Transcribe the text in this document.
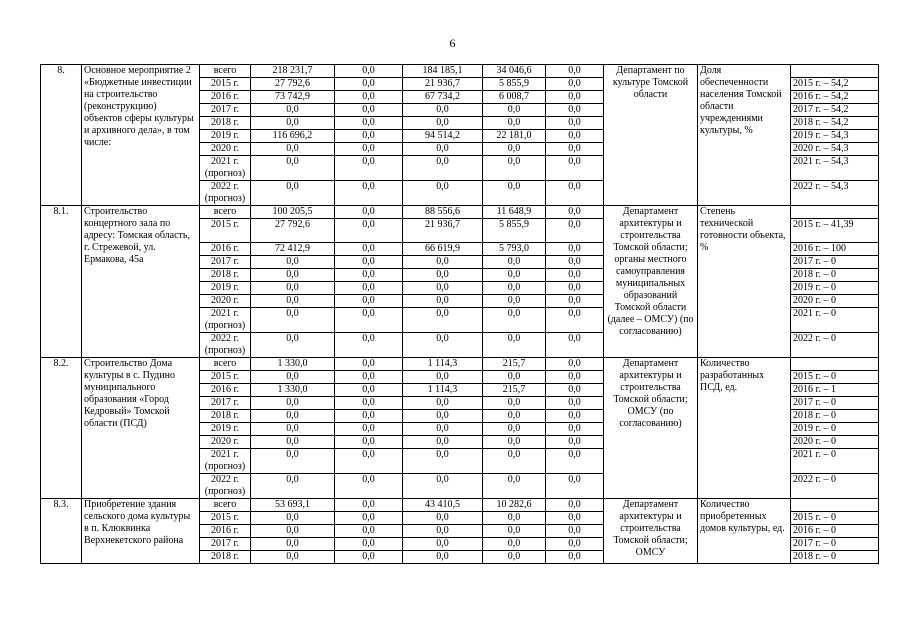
6
8.	Основное мероприятие 2 «Бюджетные инвестиции на строительство (реконструкцию) объектов сферы культуры и архивного дела», в том числе:	всего	218 231,7	0,0	184 185,1	34 046,6	0,0	Департамент по культуре Томской области	Доля обеспеченности населения Томской области учреждениями культуры, %	
		2015 г.	27 792,6	0,0	21 936,7	5 855,9	0,0			2015 г. – 54,2
		2016 г.	73 742,9	0,0	67 734,2	6 008,7	0,0			2016 г. – 54,2
		2017 г.	0,0	0,0	0,0	0,0	0,0			2017 г. – 54,2
		2018 г.	0,0	0,0	0,0	0,0	0,0			2018 г. – 54,2
		2019 г.	116 696,2	0,0	94 514,2	22 181,0	0,0			2019 г. – 54,3
		2020 г.	0,0	0,0	0,0	0,0	0,0			2020 г. – 54,3
		2021 г. (прогноз)	0,0	0,0	0,0	0,0	0,0			2021 г. – 54,3
		2022 г. (прогноз)	0,0	0,0	0,0	0,0	0,0			2022 г. – 54,3
8.1.	Строительство концертного зала по адресу: Томская область, г. Стрежевой, ул. Ермакова, 45а	всего	100 205,5	0,0	88 556,6	11 648,9	0,0	Департамент архитектуры и строительства Томской области; органы местного самоуправления муниципальных образований Томской области (далее – ОМСУ) (по согласованию)	Степень технической готовности объекта, %	
		2015 г.	27 792,6	0,0	21 936,7	5 855,9	0,0			2015 г. – 41,39
		2016 г.	72 412,9	0,0	66 619,9	5 793,0	0,0			2016 г. – 100
		2017 г.	0,0	0,0	0,0	0,0	0,0			2017 г. – 0
		2018 г.	0,0	0,0	0,0	0,0	0,0			2018 г. – 0
		2019 г.	0,0	0,0	0,0	0,0	0,0			2019 г. – 0
		2020 г.	0,0	0,0	0,0	0,0	0,0			2020 г. – 0
		2021 г. (прогноз)	0,0	0,0	0,0	0,0	0,0			2021 г. – 0
		2022 г. (прогноз)	0,0	0,0	0,0	0,0	0,0			2022 г. – 0
8.2.	Строительство Дома культуры в с. Пудино муниципального образования «Город Кедровый» Томской области (ПСД)	всего	1 330,0	0,0	1 114,3	215,7	0,0	Департамент архитектуры и строительства Томской области; ОМСУ (по согласованию)	Количество разработанных ПСД, ед.	
		2015 г.	0,0	0,0	0,0	0,0	0,0			2015 г. – 0
		2016 г.	1 330,0	0,0	1 114,3	215,7	0,0			2016 г. – 1
		2017 г.	0,0	0,0	0,0	0,0	0,0			2017 г. – 0
		2018 г.	0,0	0,0	0,0	0,0	0,0			2018 г. – 0
		2019 г.	0,0	0,0	0,0	0,0	0,0			2019 г. – 0
		2020 г.	0,0	0,0	0,0	0,0	0,0			2020 г. – 0
		2021 г. (прогноз)	0,0	0,0	0,0	0,0	0,0			2021 г. – 0
		2022 г. (прогноз)	0,0	0,0	0,0	0,0	0,0			2022 г. – 0
8.3.	Приобретение здания сельского дома культуры в п. Клюквинка Верхнекетского района	всего	53 693,1	0,0	43 410,5	10 282,6	0,0	Департамент архитектуры и строительства Томской области; ОМСУ	Количество приобретенных домов культуры, ед.	
		2015 г.	0,0	0,0	0,0	0,0	0,0			2015 г. – 0
		2016 г.	0,0	0,0	0,0	0,0	0,0			2016 г. – 0
		2017 г.	0,0	0,0	0,0	0,0	0,0			2017 г. – 0
		2018 г.	0,0	0,0	0,0	0,0	0,0			2018 г. – 0
